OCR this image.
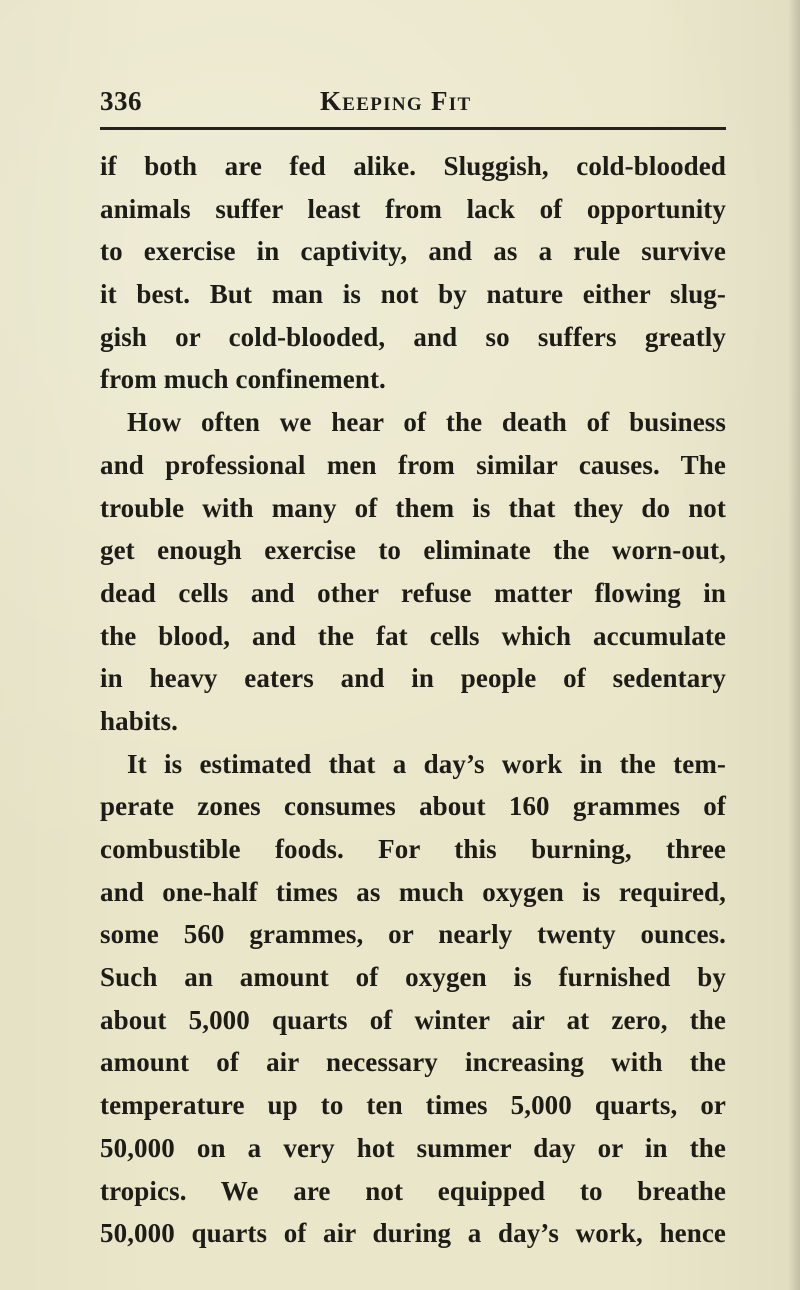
336	Keeping Fit
if both are fed alike. Sluggish, cold-blooded
animals suffer least from lack of opportunity
to exercise in captivity, and as a rule survive
it best. But man is not by nature either slug-
gish or cold-blooded, and so suffers greatly
from much confinement.
How often we hear of the death of business
and professional men from similar causes. The
trouble with many of them is that they do not
get enough exercise to eliminate the worn-out,
dead cells and other refuse matter flowing in
the blood, and the fat cells which accumulate
in heavy eaters and in people of sedentary
habits.
It is estimated that a day’s work in the tem-
perate zones consumes about 160 grammes of
combustible foods. For this burning, three
and one-half times as much oxygen is required,
some 560 grammes, or nearly twenty ounces.
Such an amount of oxygen is furnished by
about 5,000 quarts of winter air at zero, the
amount of air necessary increasing with the
temperature up to ten times 5,000 quarts, or
50,000 on a very hot summer day or in the
tropics. We are not equipped to breathe
50,000 quarts of air during a day’s work, hence
